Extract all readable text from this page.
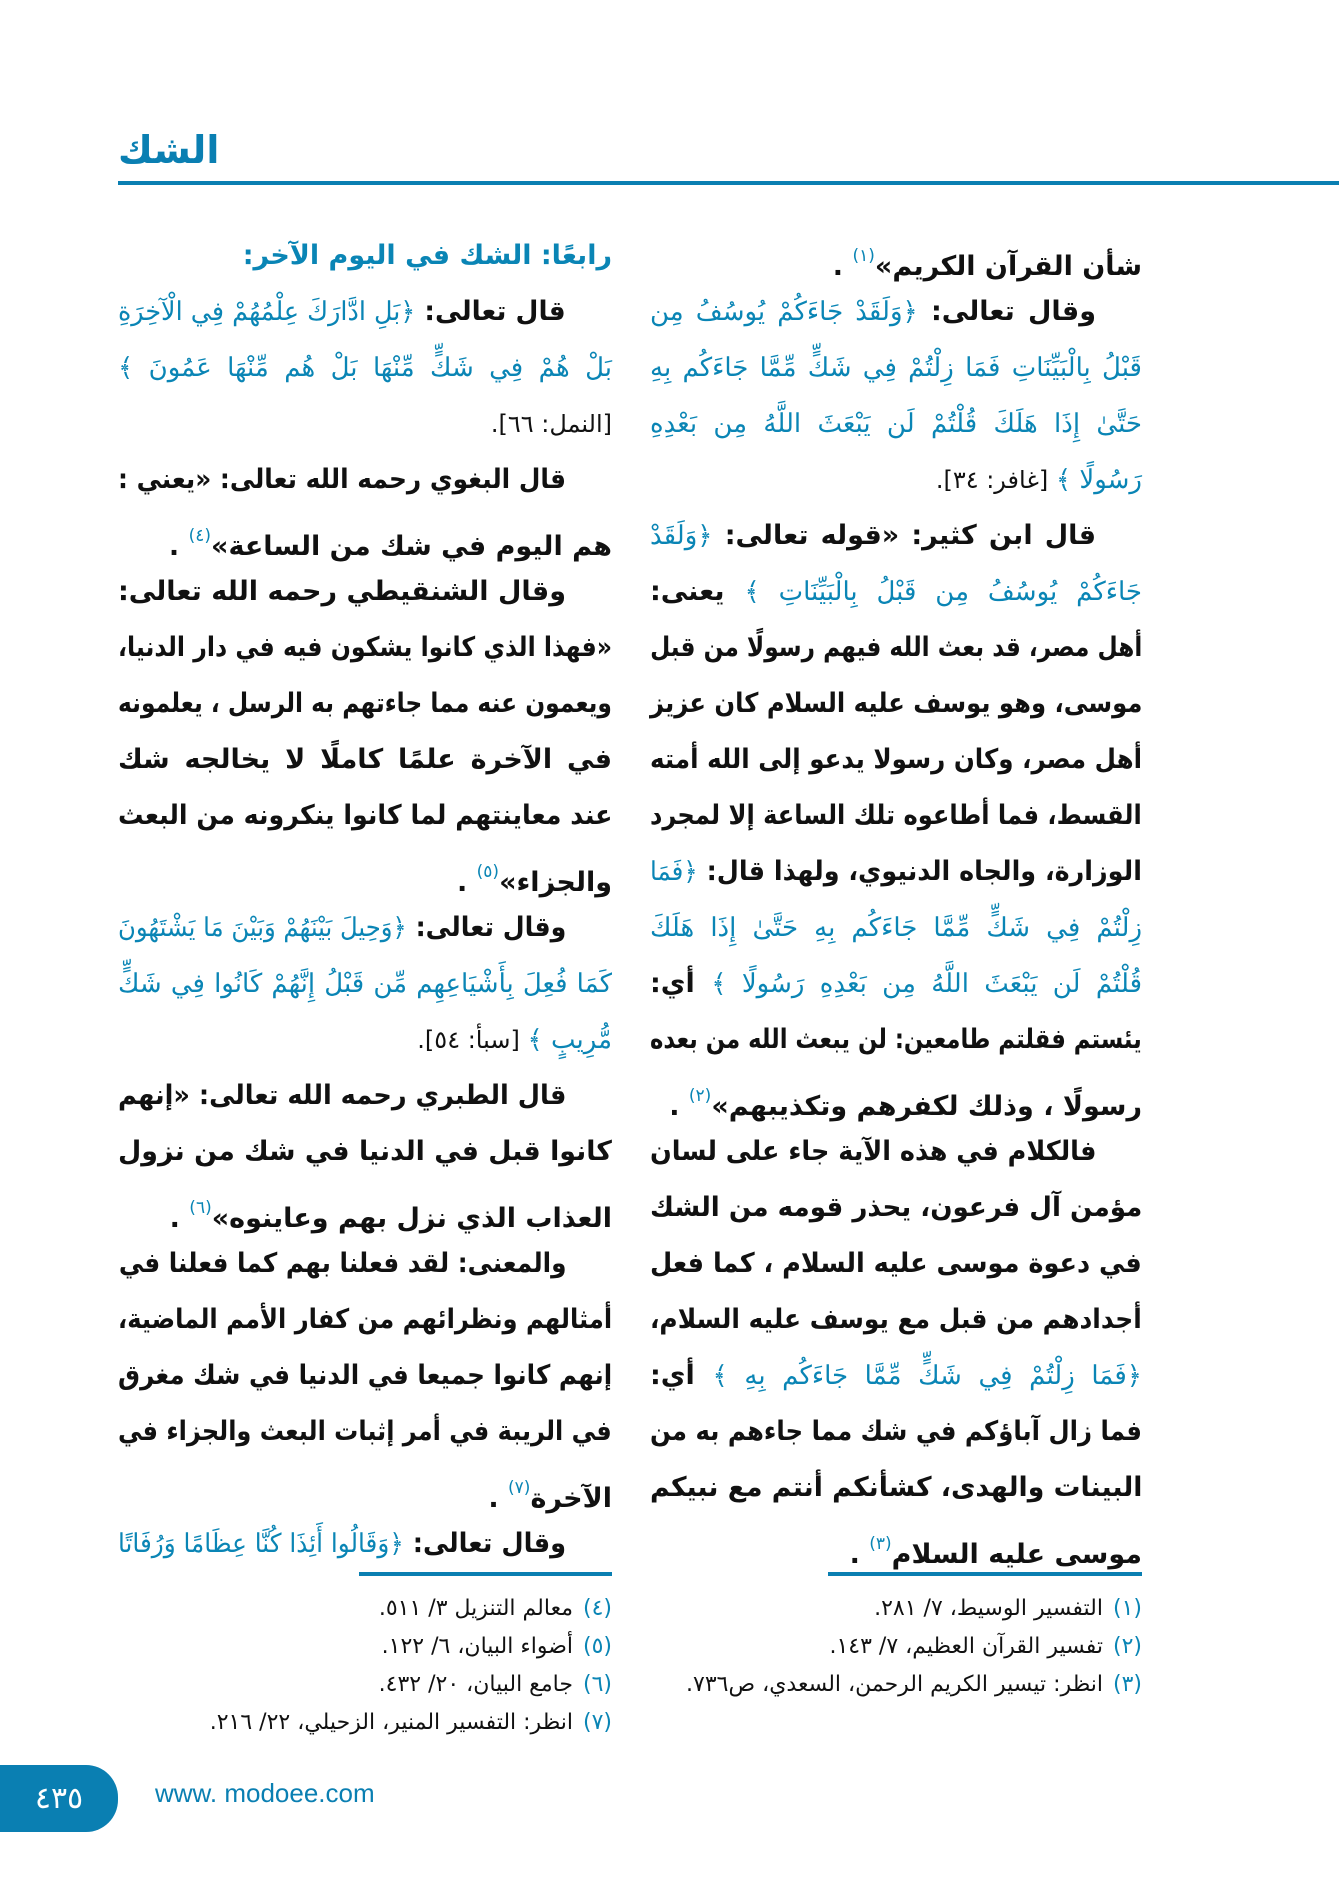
الشك
شأن القرآن الكريم»$^{(١)}$ .
وقال تعالى: ﴿وَلَقَدْ جَاءَكُمْ يُوسُفُ مِن
قَبْلُ بِالْبَيِّنَاتِ فَمَا زِلْتُمْ فِي شَكٍّ مِّمَّا جَاءَكُم بِهِ
حَتَّىٰ إِذَا هَلَكَ قُلْتُمْ لَن يَبْعَثَ اللَّهُ مِن بَعْدِهِ
رَسُولًا ﴾ [غافر: ٣٤].
قال ابن كثير: «قوله تعالى: ﴿وَلَقَدْ
جَاءَكُمْ يُوسُفُ مِن قَبْلُ بِالْبَيِّنَاتِ ﴾ يعنى:
أهل مصر، قد بعث الله فيهم رسولًا من قبل
موسى، وهو يوسف عليه السلام كان عزيز
أهل مصر، وكان رسولا يدعو إلى الله أمته
القسط، فما أطاعوه تلك الساعة إلا لمجرد
الوزارة، والجاه الدنيوي، ولهذا قال: ﴿فَمَا
زِلْتُمْ فِي شَكٍّ مِّمَّا جَاءَكُم بِهِ حَتَّىٰ إِذَا هَلَكَ
قُلْتُمْ لَن يَبْعَثَ اللَّهُ مِن بَعْدِهِ رَسُولًا ﴾ أي:
يئستم فقلتم طامعين: لن يبعث الله من بعده
رسولًا ، وذلك لكفرهم وتكذيبهم»$^{(٢)}$ .
فالكلام في هذه الآية جاء على لسان
مؤمن آل فرعون، يحذر قومه من الشك
في دعوة موسى عليه السلام ، كما فعل
أجدادهم من قبل مع يوسف عليه السلام،
﴿فَمَا زِلْتُمْ فِي شَكٍّ مِّمَّا جَاءَكُم بِهِ ﴾ أي:
فما زال آباؤكم في شك مما جاءهم به من
البينات والهدى، كشأنكم أنتم مع نبيكم
موسى عليه السلام$^{(٣)}$ .
رابعًا: الشك في اليوم الآخر:
قال تعالى: ﴿بَلِ ادَّارَكَ عِلْمُهُمْ فِي الْآخِرَةِ
بَلْ هُمْ فِي شَكٍّ مِّنْهَا بَلْ هُم مِّنْهَا عَمُونَ ﴾
[النمل: ٦٦].
قال البغوي رحمه الله تعالى: «يعني :
هم اليوم في شك من الساعة»$^{(٤)}$ .
وقال الشنقيطي رحمه الله تعالى:
«فهذا الذي كانوا يشكون فيه في دار الدنيا،
ويعمون عنه مما جاءتهم به الرسل ، يعلمونه
في الآخرة علمًا كاملًا لا يخالجه شك
عند معاينتهم لما كانوا ينكرونه من البعث
والجزاء»$^{(٥)}$ .
وقال تعالى: ﴿وَحِيلَ بَيْنَهُمْ وَبَيْنَ مَا يَشْتَهُونَ
كَمَا فُعِلَ بِأَشْيَاعِهِم مِّن قَبْلُ إِنَّهُمْ كَانُوا فِي شَكٍّ
مُّرِيبٍ ﴾ [سبأ: ٥٤].
قال الطبري رحمه الله تعالى: «إنهم
كانوا قبل في الدنيا في شك من نزول
العذاب الذي نزل بهم وعاينوه»$^{(٦)}$ .
والمعنى: لقد فعلنا بهم كما فعلنا في
أمثالهم ونظرائهم من كفار الأمم الماضية،
إنهم كانوا جميعا في الدنيا في شك مغرق
في الريبة في أمر إثبات البعث والجزاء في
الآخرة$^{(٧)}$ .
وقال تعالى: ﴿وَقَالُوا أَئِذَا كُنَّا عِظَامًا وَرُفَاتًا
(١)التفسير الوسيط، ٧/ ٢٨١.
(٢)تفسير القرآن العظيم، ٧/ ١٤٣.
(٣)انظر: تيسير الكريم الرحمن، السعدي، ص٧٣٦.
(٤)معالم التنزيل ٣/ ٥١١.
(٥)أضواء البيان، ٦/ ١٢٢.
(٦)جامع البيان، ٢٠/ ٤٣٢.
(٧)انظر: التفسير المنير، الزحيلي، ٢٢/ ٢١٦.
٤٣٥	www. modoee.com
